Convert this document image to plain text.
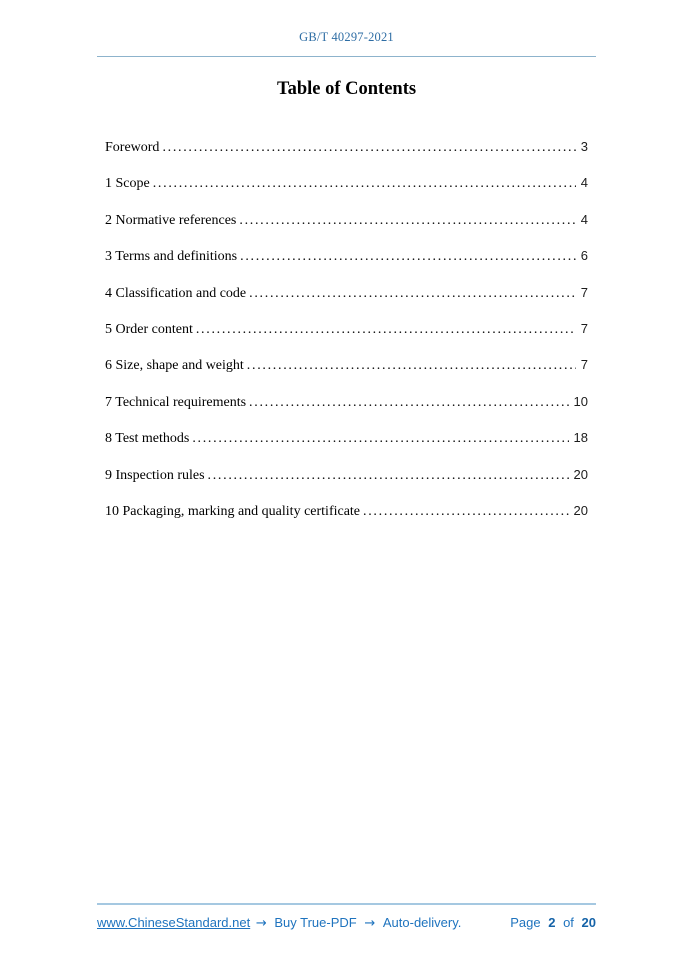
GB/T 40297-2021
Table of Contents
Foreword .....	3
1 Scope .....	4
2 Normative references .....	4
3 Terms and definitions .....	6
4 Classification and code .....	7
5 Order content .....	7
6 Size, shape and weight .....	7
7 Technical requirements .....	10
8 Test methods .....	18
9 Inspection rules .....	20
10 Packaging, marking and quality certificate .....	20
www.ChineseStandard.net → Buy True-PDF → Auto-delivery.	Page 2 of 20
